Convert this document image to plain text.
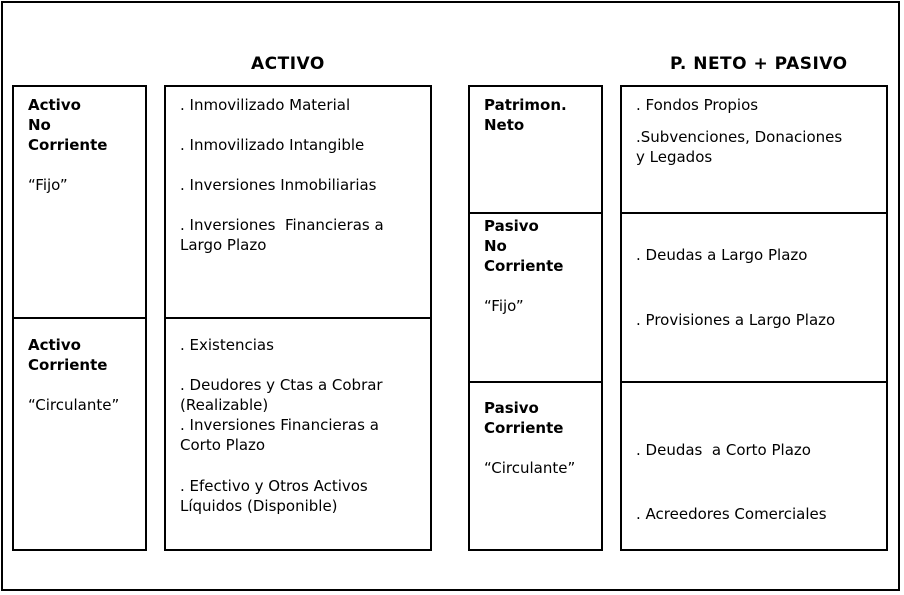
ACTIVO	P. NETO + PASIVO
Activo
No
Corriente
“Fijo”
Activo
Corriente
“Circulante”
. Inmovilizado Material
. Inmovilizado Intangible
. Inversiones Inmobiliarias
. Inversiones  Financieras a
Largo Plazo
. Existencias
. Deudores y Ctas a Cobrar
(Realizable)
. Inversiones Financieras a
Corto Plazo
. Efectivo y Otros Activos
Líquidos (Disponible)
Patrimon.
Neto
Pasivo
No
Corriente
“Fijo”
Pasivo
Corriente
“Circulante”
. Fondos Propios
.Subvenciones, Donaciones
y Legados
. Deudas a Largo Plazo
. Provisiones a Largo Plazo
. Deudas  a Corto Plazo
. Acreedores Comerciales
